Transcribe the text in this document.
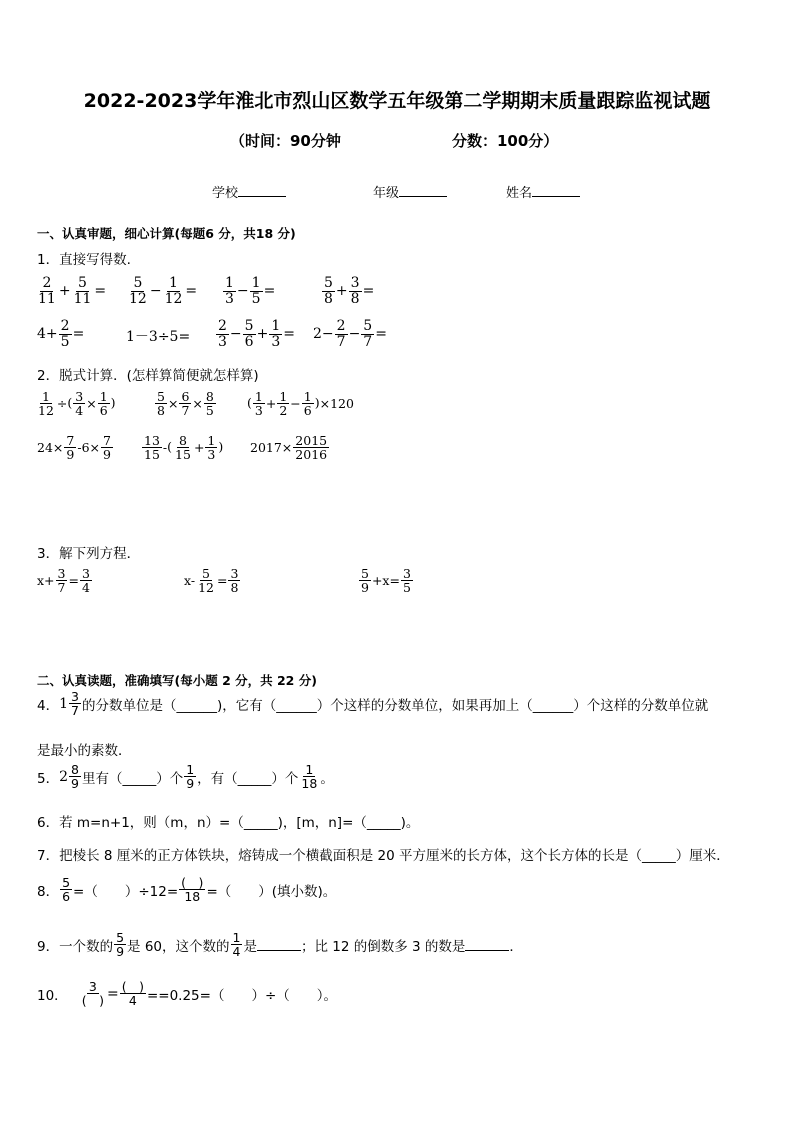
2022-2023学年淮北市烈山区数学五年级第二学期期末质量跟踪监视试题
（时间：90分钟	分数：100分）
学校	年级	姓名
一、认真审题，细心计算(每题6 分，共18 分)
1．直接写得数.
2
$11 + \frac{5}{11}$ =
5
$12 - \frac{1}{12}$ =
1
$3 - \frac{1}{5}$ =
5
$8 + \frac{3}{8}$ =
$4+ \frac{2}{5}$ =	1－3÷5=
2
$3 - \frac{5}{6} + \frac{1}{3} = 2- \frac{2}{7} - \frac{5}{7}$ =
2．脱式计算．(怎样算简便就怎样算)
$\frac{1}{12}$ ÷ ( $\frac{3}{4} \times \frac{1}{6}$ )	$\frac{5}{8} \times \frac{6}{7} \times \frac{8}{5}$ ( 1
$3 + \frac{1}{2} - \frac{1}{6}$ ) ×120
$24\times \frac{7}{9} -6\times \frac{7}{9} 13$
15 - ( 8
$15 + \frac{1}{3}$ ) $2017\times \frac{2015}{2016}$
3．解下列方程．
$x+ \frac{3}{7} = \frac{3}{4}$	$x- \frac{5}{12} = \frac{3}{8}$	5
$9 +x= \frac{3}{5}$
二、认真读题，准确填写(每小题 2 分，共 22 分)
4． 1 3
7 的分数单位是（______)，它有（______）个这样的分数单位，如果再加上（______）个这样的分数单位就
是最小的素数．
5． 2 8
9 里有（_____）个
1
9 ，有（_____）个
1
18 。
6．若 m=n+1，则（m，n）=（_____)，[m，n]=（_____)。
7．把棱长 8 厘米的正方体铁块，熔铸成一个横截面积是 20 平方厘米的长方体，这个长方体的长是（_____）厘米．
8． $\frac{5}{6}$ =（　　）÷12=
(　)
18 =（　　）(填小数)。
9． 一个数的
5
9 是 60，这个数的
1
4 是	；比 12 的倒数多 3 的数是	．
10．
3
(　) = (　)
4 ==0.25=（　　）÷（　　）。
